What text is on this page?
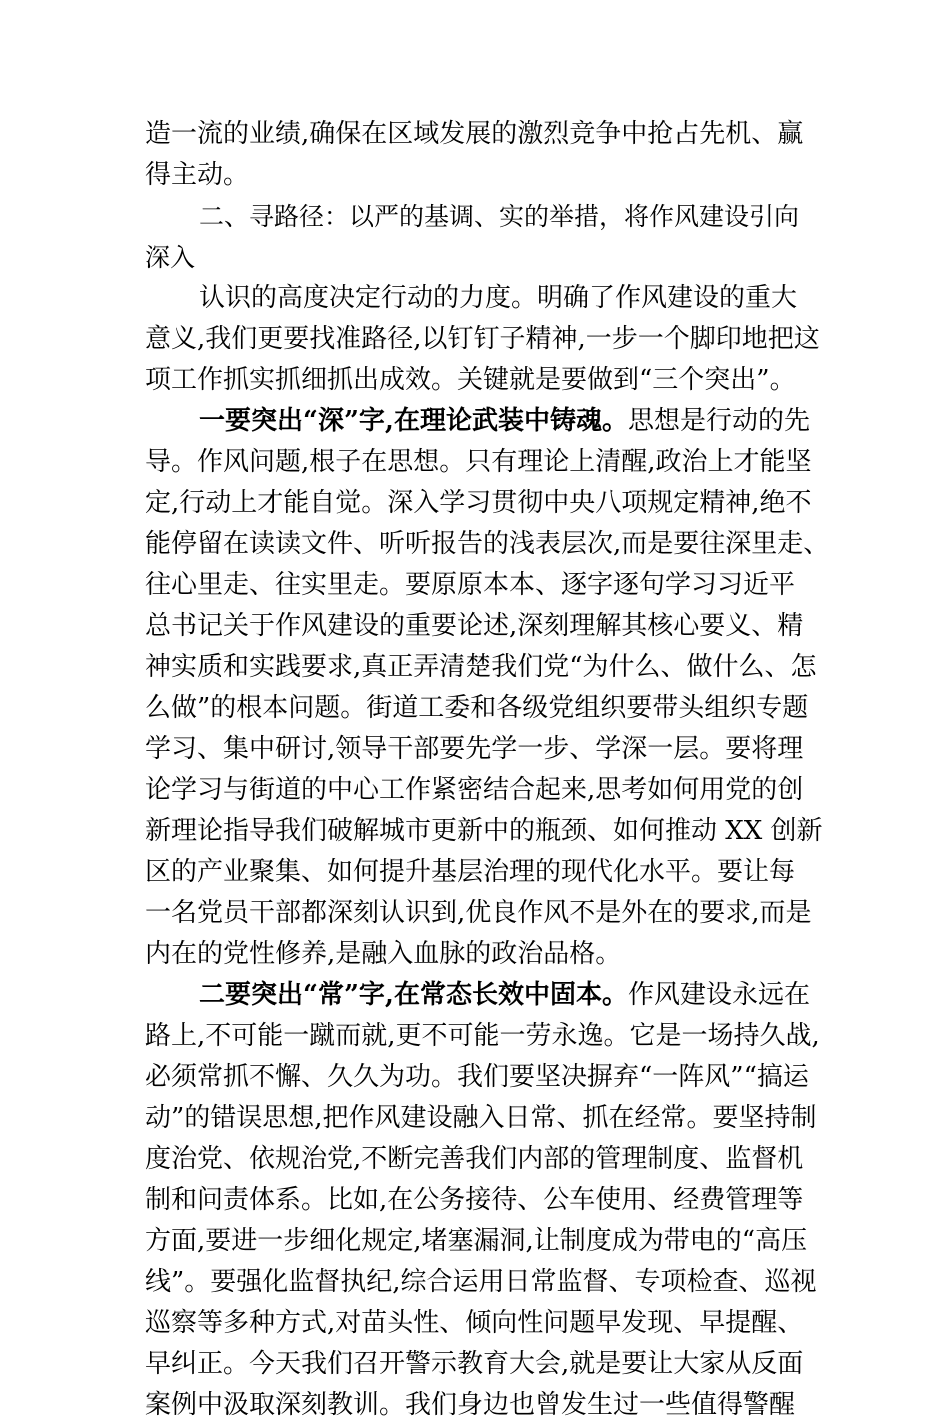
造一流的业绩,确保在区域发展的激烈竞争中抢占先机、赢
得主动。
二、寻路径：以严的基调、实的举措，将作风建设引向
深入
认识的高度决定行动的力度。明确了作风建设的重大
意义,我们更要找准路径,以钉钉子精神,一步一个脚印地把这
项工作抓实抓细抓出成效。关键就是要做到“三个突出”。
一要突出“深”字,在理论武装中铸魂。思想是行动的先
导。作风问题,根子在思想。只有理论上清醒,政治上才能坚
定,行动上才能自觉。深入学习贯彻中央八项规定精神,绝不
能停留在读读文件、听听报告的浅表层次,而是要往深里走、
往心里走、往实里走。要原原本本、逐字逐句学习习近平
总书记关于作风建设的重要论述,深刻理解其核心要义、精
神实质和实践要求,真正弄清楚我们党“为什么、做什么、怎
么做”的根本问题。街道工委和各级党组织要带头组织专题
学习、集中研讨,领导干部要先学一步、学深一层。要将理
论学习与街道的中心工作紧密结合起来,思考如何用党的创
新理论指导我们破解城市更新中的瓶颈、如何推动 XX 创新
区的产业聚集、如何提升基层治理的现代化水平。要让每
一名党员干部都深刻认识到,优良作风不是外在的要求,而是
内在的党性修养,是融入血脉的政治品格。
二要突出“常”字,在常态长效中固本。作风建设永远在
路上,不可能一蹴而就,更不可能一劳永逸。它是一场持久战,
必须常抓不懈、久久为功。我们要坚决摒弃“一阵风”“搞运
动”的错误思想,把作风建设融入日常、抓在经常。要坚持制
度治党、依规治党,不断完善我们内部的管理制度、监督机
制和问责体系。比如,在公务接待、公车使用、经费管理等
方面,要进一步细化规定,堵塞漏洞,让制度成为带电的“高压
线”。要强化监督执纪,综合运用日常监督、专项检查、巡视
巡察等多种方式,对苗头性、倾向性问题早发现、早提醒、
早纠正。今天我们召开警示教育大会,就是要让大家从反面
案例中汲取深刻教训。我们身边也曾发生过一些值得警醒
